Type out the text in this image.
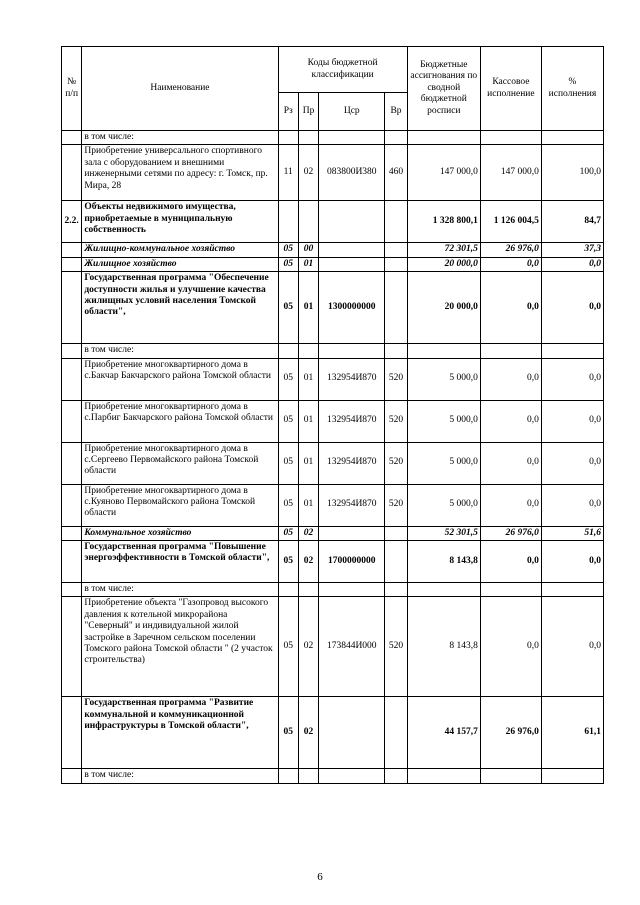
№ п/п	Наименование	Коды бюджетной классификации				Бюджетные ассигнования по сводной бюджетной росписи	Кассовое исполнение	% исполнения
		Рз	Пр	Цср	Вр			
	в том числе:							
	Приобретение универсального спортивного зала с оборудованием и внешними инженерными сетями по адресу: г. Томск, пр. Мира, 28	11	02	083800И380	460	147 000,0	147 000,0	100,0
2.2.	Объекты недвижимого имущества, приобретаемые в муниципальную собственность					1 328 800,1	1 126 004,5	84,7
	Жилищно-коммунальное хозяйство	05	00			72 301,5	26 976,0	37,3
	Жилищное хозяйство	05	01			20 000,0	0,0	0,0
	Государственная программа "Обеспечение доступности жилья и улучшение качества жилищных условий населения Томской области",	05	01	1300000000		20 000,0	0,0	0,0
	в том числе:							
	Приобретение многоквартирного дома в с.Бакчар Бакчарского района Томской области	05	01	132954И870	520	5 000,0	0,0	0,0
	Приобретение многоквартирного дома в с.Парбиг Бакчарского района Томской области	05	01	132954И870	520	5 000,0	0,0	0,0
	Приобретение многоквартирного дома в с.Сергеево Первомайского района Томской области	05	01	132954И870	520	5 000,0	0,0	0,0
	Приобретение многоквартирного дома в с.Куяново Первомайского района Томской области	05	01	132954И870	520	5 000,0	0,0	0,0
	Коммунальное хозяйство	05	02			52 301,5	26 976,0	51,6
	Государственная программа "Повышение энергоэффективности в Томской области",	05	02	1700000000		8 143,8	0,0	0,0
	в том числе:							
	Приобретение объекта "Газопровод высокого давления к котельной микрорайона "Северный" и индивидуальной жилой застройке в Заречном сельском поселении Томского района Томской области " (2 участок строительства)	05	02	173844И000	520	8 143,8	0,0	0,0
	Государственная программа "Развитие коммунальной и коммуникационной инфраструктуры в Томской области",	05	02			44 157,7	26 976,0	61,1
	в том числе:							
6
